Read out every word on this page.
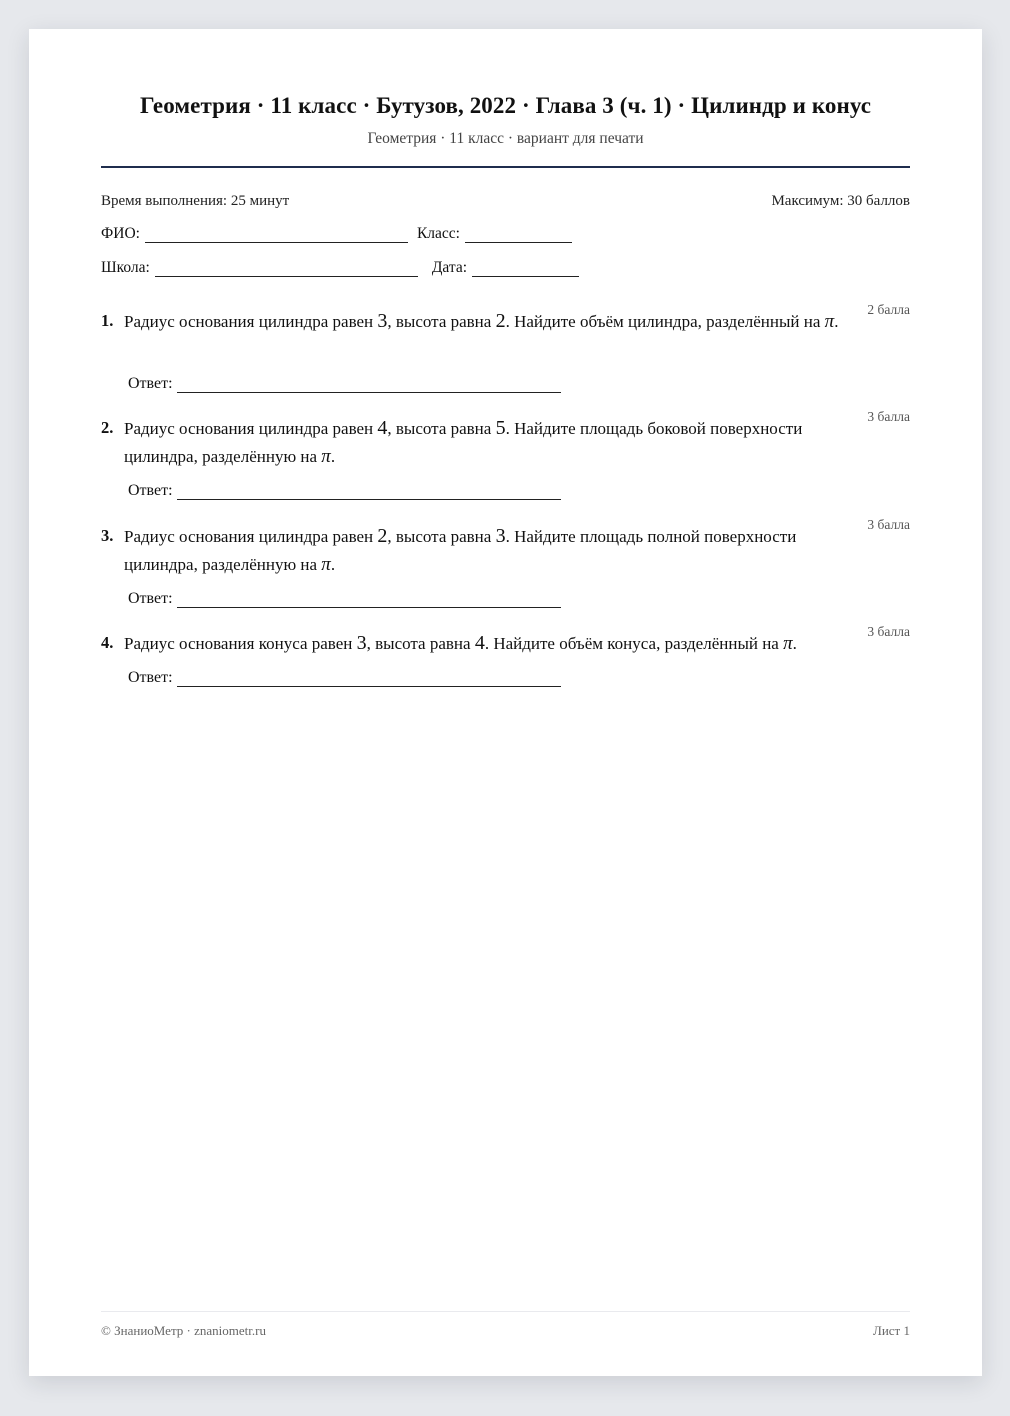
Геометрия · 11 класс · Бутузов, 2022 · Глава 3 (ч. 1) · Цилиндр и конус
Геометрия · 11 класс · вариант для печати
Время выполнения: 25 минут	Максимум: 30 баллов
ФИО:	Класс:
Школа:	Дата:
1. Радиус основания цилиндра равен 3, высота равна 2. Найдите объём цилиндра, разделённый на π.
2 балла
Ответ:
2. Радиус основания цилиндра равен 4, высота равна 5. Найдите площадь боковой поверхности цилиндра, разделённую на π.
3 балла
Ответ:
3. Радиус основания цилиндра равен 2, высота равна 3. Найдите площадь полной поверхности цилиндра, разделённую на π.
3 балла
Ответ:
4. Радиус основания конуса равен 3, высота равна 4. Найдите объём конуса, разделённый на π.
3 балла
Ответ:
© ЗнаниоМетр · znaniometr.ru	Лист 1
